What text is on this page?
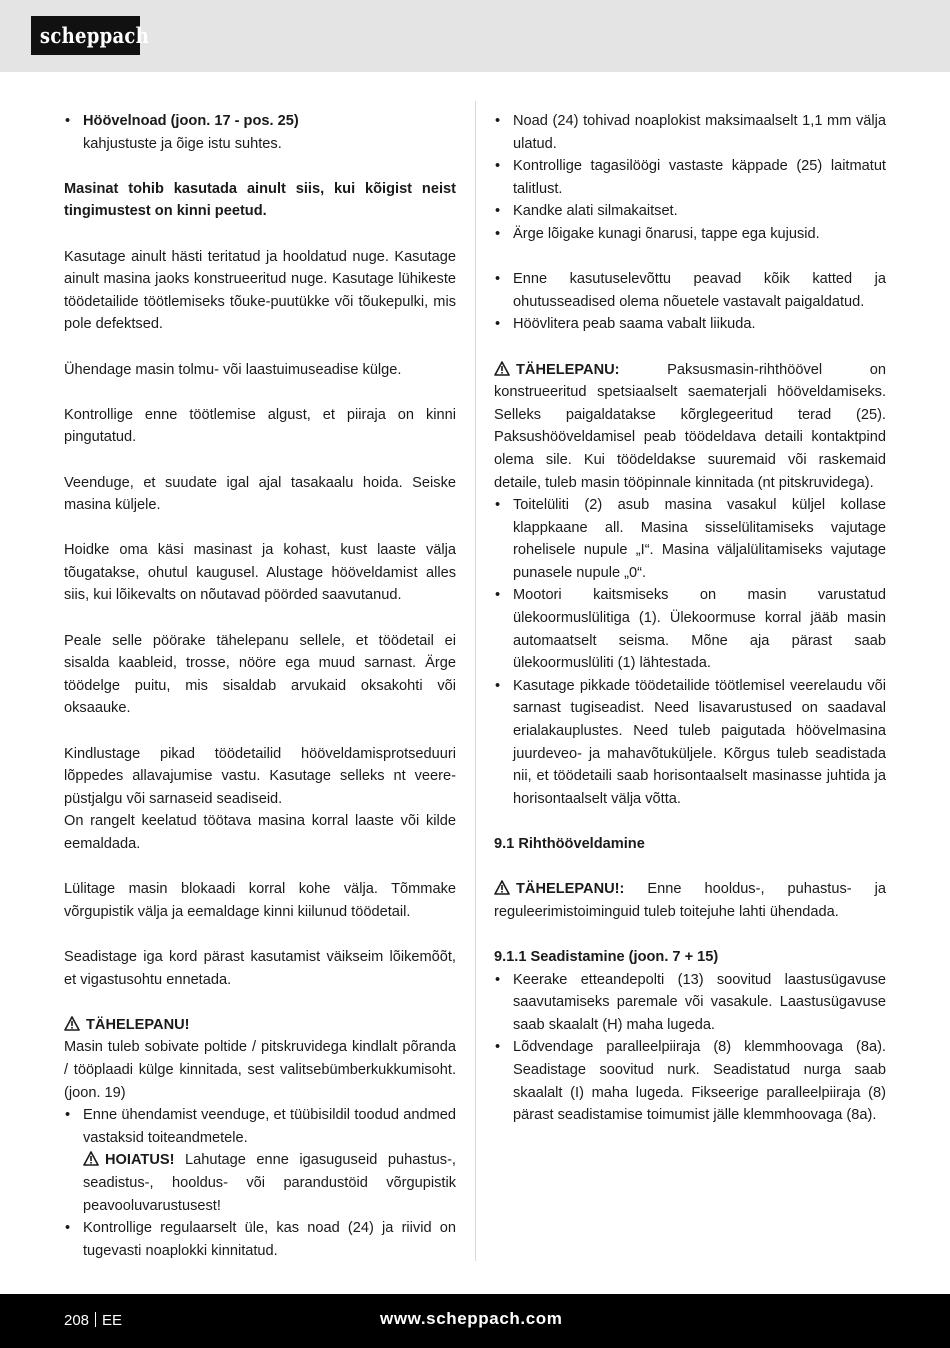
scheppach
• Höövelnoad (joon. 17 - pos. 25)
kahjustuste ja õige istu suhtes.

Masinat tohib kasutada ainult siis, kui kõigist neist tingimustest on kinni peetud.

Kasutage ainult hästi teritatud ja hooldatud nuge. Kasutage ainult masina jaoks konstrueeritud nuge. Kasutage lühikeste töödetailide töötlemiseks tõuke-puutükke või tõukepulki, mis pole defektsed.

Ühendage masin tolmu- või laastuimuseadise külge.

Kontrollige enne töötlemise algust, et piiraja on kinni pingutatud.

Veenduge, et suudate igal ajal tasakaalu hoida. Seiske masina küljele.

Hoidke oma käsi masinast ja kohast, kust laaste välja tõugatakse, ohutul kaugusel. Alustage hööveldamist alles siis, kui lõikevalts on nõutavad pöörded saavutanud.

Peale selle pöörake tähelepanu sellele, et töödetail ei sisalda kaableid, trosse, nööre ega muud sarnast. Ärge töödelge puitu, mis sisaldab arvukaid oksakohti või oksaauke.

Kindlustage pikad töödetailid hööveldamisprotseduuri lõppedes allavajumise vastu. Kasutage selleks nt veere-püstjalgu või sarnaseid seadiseid.

On rangelt keelatud töötava masina korral laaste või kilde eemaldada.

Lülitage masin blokaadi korral kohe välja. Tõmmake võrgupistik välja ja eemaldage kinni kiilunud töödetail.

Seadistage iga kord pärast kasutamist väikseim lõikemõõt, et vigastusohtu ennetada.

TÄHELEPANU!

Masin tuleb sobivate poltide / pitskruvidega kindlalt põranda / tööplaadi külge kinnitada, sest valitsebümberkukkumisoht. (joon. 19)

• Enne ühendamist veenduge, et tüübisildil toodud andmed vastaksid toiteandmetele.

HOIATUS! Lahutage enne igasuguseid puhastus-, seadistus-, hooldus- või parandustöid võrgupistik peavooluvarustusest!
• Kontrollige regulaarselt üle, kas noad (24) ja riivid on tugevasti noaplokki kinnitatud.
• Noad (24) tohivad noaplokist maksimaalselt 1,1 mm välja ulatud.
• Kontrollige tagasilöögi vastaste käppade (25) laitmatut talitlust.
• Kandke alati silmakaitset.
• Ärge lõigake kunagi õnarusi, tappe ega kujusid.
• Enne kasutuselevõttu peavad kõik katted ja ohutusseadised olema nõuetele vastavalt paigaldatud.
• Höövlitera peab saama vabalt liikuda.

TÄHELEPANU:	Paksusmasin-rihthöövel on konstrueeritud spetsiaalselt saematerjali hööveldamiseks. Selleks paigaldatakse kõrglegeeritud terad (25). Paksushööveldamisel peab töödeldava detaili kontaktpind olema sile. Kui töödeldakse suuremaid või raskemaid detaile, tuleb masin tööpinnale kinnitada (nt pitskruvidega).

• Toitelüliti (2) asub masina vasakul küljel kollase klappkaane all. Masina sisselülitamiseks vajutage rohelisele nupule „I“. Masina väljalülitamiseks vajutage punasele nupule „0“.
• Mootori kaitsmiseks on masin varustatud ülekoormuslülitiga (1). Ülekoormuse korral jääb masin automaatselt seisma. Mõne aja pärast saab ülekoormuslüliti (1) lähtestada.
• Kasutage pikkade töödetailide töötlemisel veerelaudu või sarnast tugiseadist. Need lisavarustused on saadaval erialakauplustes. Need tuleb paigutada höövelmasina juurdeveo- ja mahavõtuküljele. Kõrgus tuleb seadistada nii, et töödetaili saab horisontaalselt masinasse juhtida ja horisontaalselt välja võtta.

9.1 Rihthööveldamine

TÄHELEPANU!: Enne hooldus-, puhastus- ja reguleerimistoiminguid tuleb toitejuhe lahti ühendada.

9.1.1 Seadistamine (joon. 7 + 15)

• Keerake etteandepolti (13) soovitud laastusügavuse saavutamiseks paremale või vasakule. Laastusügavuse saab skaalalt (H) maha lugeda.
• Lõdvendage paralleelpiiraja (8) klemmhoovaga (8a). Seadistage soovitud nurk. Seadistatud nurga saab skaalalt (I) maha lugeda. Fikseerige paralleelpiiraja (8) pärast seadistamise toimumist jälle klemmhoovaga (8a).
208 EE	www.scheppach.com
